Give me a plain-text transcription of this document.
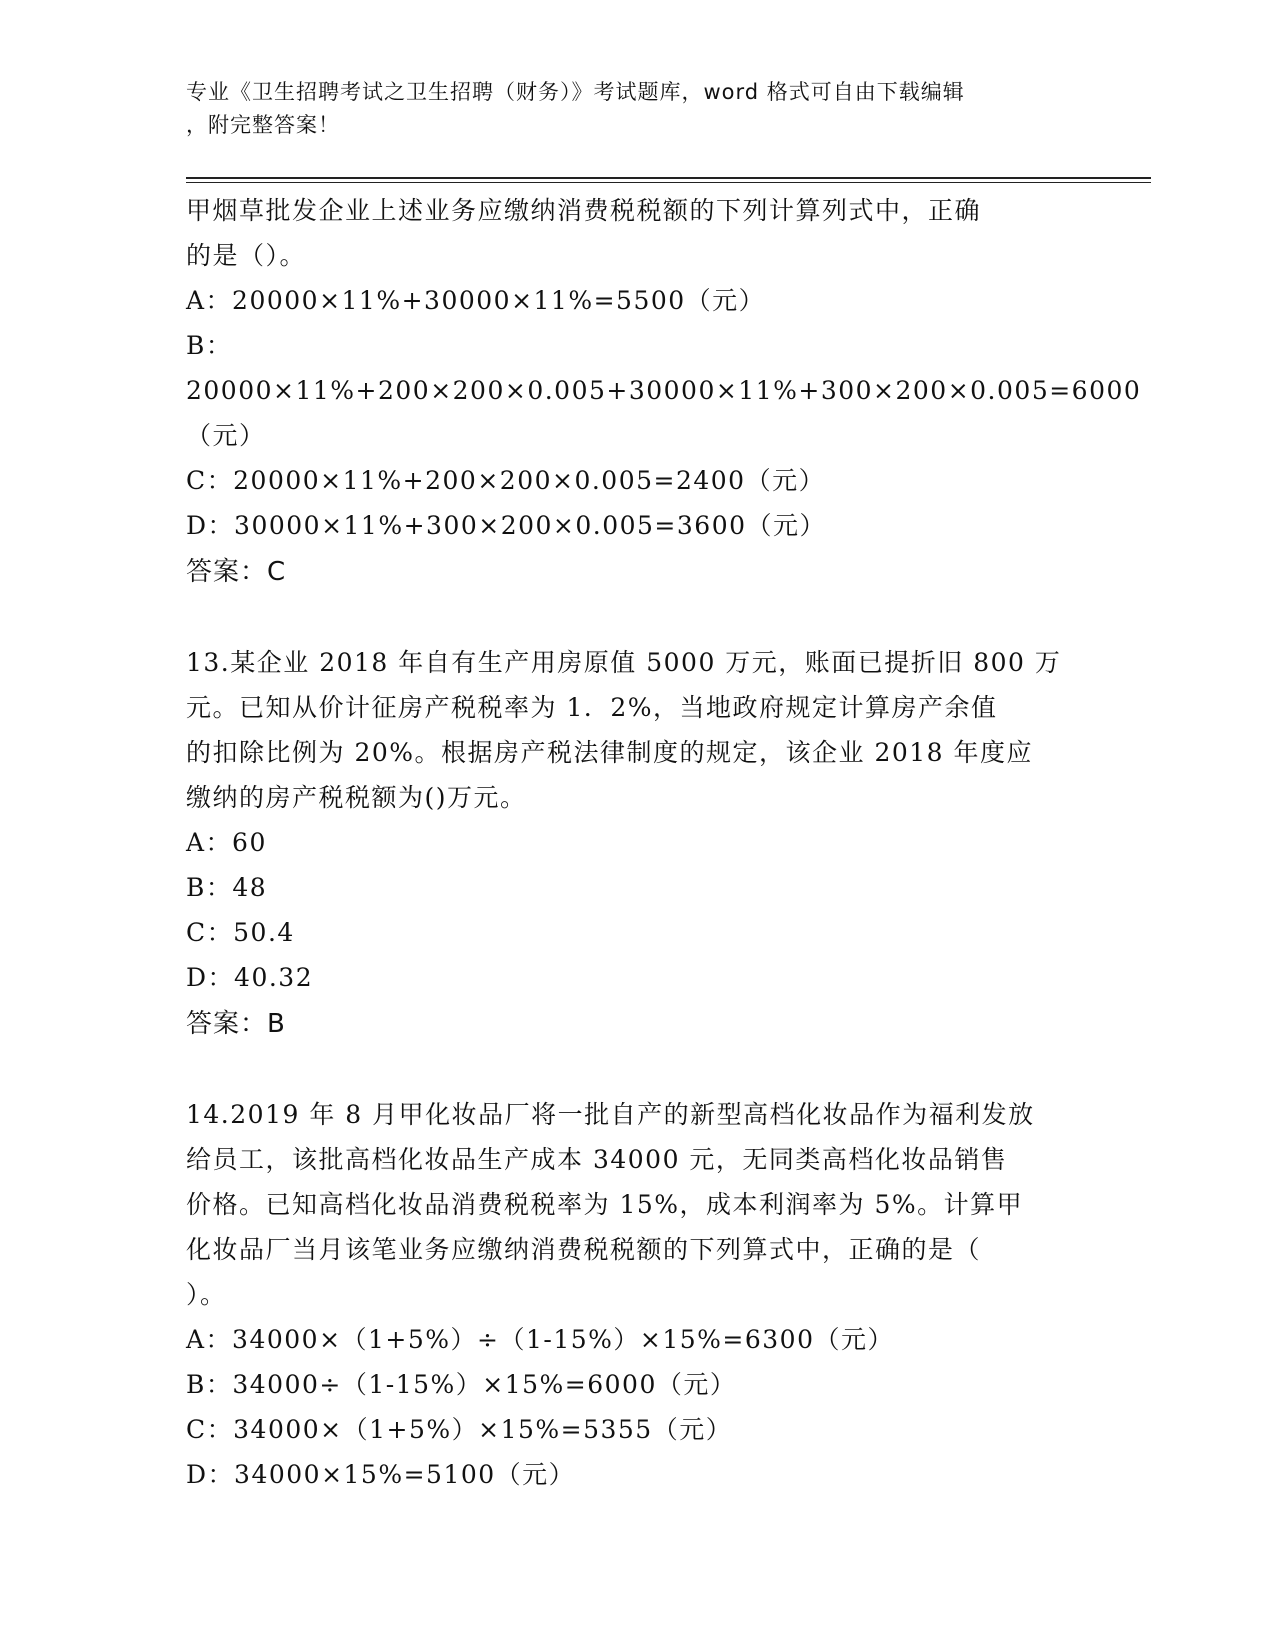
专业《卫生招聘考试之卫生招聘（财务）》考试题库，word 格式可自由下载编辑
，附完整答案！
甲烟草批发企业上述业务应缴纳消费税税额的下列计算列式中，正确
的是（）。
A：20000×11%+30000×11%=5500（元）
B：20000×11%+200×200×0.005+30000×11%+300×200×0.005=6000
（元）
C：20000×11%+200×200×0.005=2400（元）
D：30000×11%+300×200×0.005=3600（元）
答案：C
13.某企业 2018 年自有生产用房原值 5000 万元，账面已提折旧 800 万
元。已知从价计征房产税税率为 1．2%，当地政府规定计算房产余值
的扣除比例为 20%。根据房产税法律制度的规定，该企业 2018 年度应
缴纳的房产税税额为()万元。
A：60
B：48
C：50.4
D：40.32
答案：B
14.2019 年 8 月甲化妆品厂将一批自产的新型高档化妆品作为福利发放
给员工，该批高档化妆品生产成本 34000 元，无同类高档化妆品销售
价格。已知高档化妆品消费税税率为 15%，成本利润率为 5%。计算甲
化妆品厂当月该笔业务应缴纳消费税税额的下列算式中，正确的是（
）。
A：34000×（1+5%）÷（1-15%）×15%=6300（元）
B：34000÷（1-15%）×15%=6000（元）
C：34000×（1+5%）×15%=5355（元）
D：34000×15%=5100（元）
